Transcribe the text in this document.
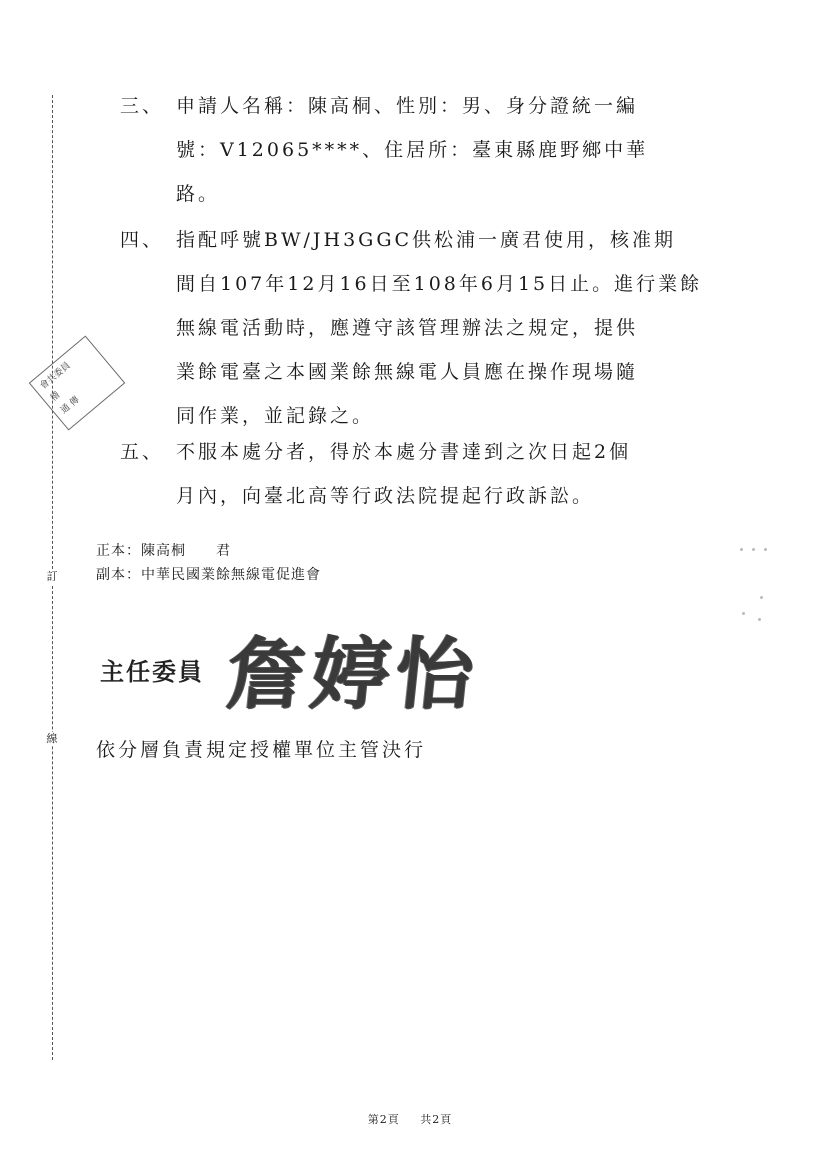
訂
線
會共委員
稽
通 傳
三、 申請人名稱：陳高桐、性別：男、身分證統一編
號：V12065****、住居所：臺東縣鹿野鄉中華
路。
四、 指配呼號BW/JH3GGC供松浦一廣君使用，核准期
間自107年12月16日至108年6月15日止。進行業餘
無線電活動時，應遵守該管理辦法之規定，提供
業餘電臺之本國業餘無線電人員應在操作現場隨
同作業，並記錄之。
五、 不服本處分者，得於本處分書達到之次日起2個
月內，向臺北高等行政法院提起行政訴訟。
正本：陳高桐　　君
副本：中華民國業餘無線電促進會
主任委員 詹婷怡
依分層負責規定授權單位主管決行
第2頁 共2頁
